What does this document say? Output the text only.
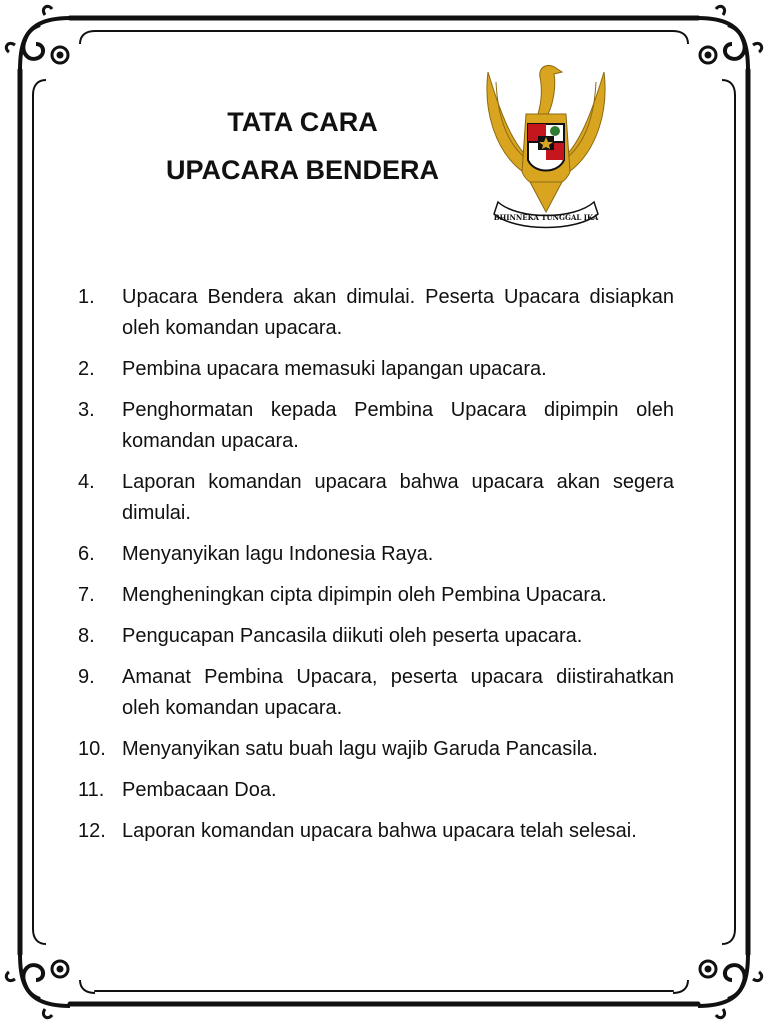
TATA CARA
UPACARA BENDERA
BHINNEKA TUNGGAL IKA
1.	Upacara Bendera akan dimulai. Peserta Upacara disiapkan oleh komandan upacara.
2.	Pembina upacara memasuki lapangan upacara.
3.	Penghormatan kepada Pembina Upacara dipimpin oleh komandan upacara.
4.	Laporan komandan upacara bahwa upacara akan segera dimulai.
6.	Menyanyikan lagu Indonesia Raya.
7.	Mengheningkan cipta dipimpin oleh Pembina Upacara.
8.	Pengucapan Pancasila diikuti oleh peserta upacara.
9.	Amanat Pembina Upacara, peserta upacara diistirahatkan oleh komandan upacara.
10. Menyanyikan satu buah lagu wajib Garuda Pancasila.
11. Pembacaan Doa.
12. Laporan komandan upacara bahwa upacara telah selesai.
